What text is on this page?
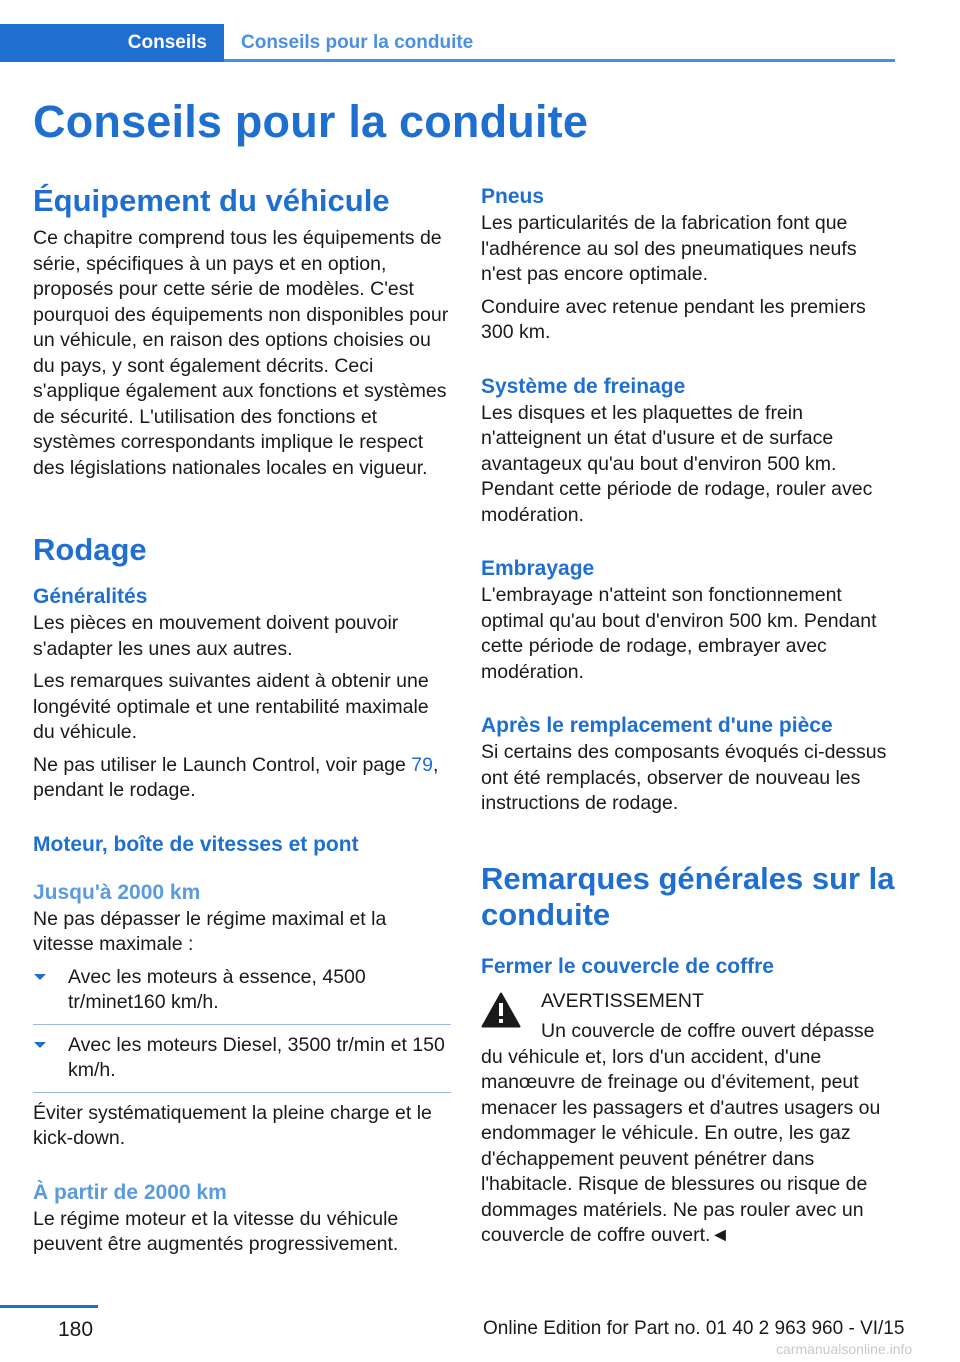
Conseils Conseils pour la conduite
Conseils pour la conduite
Équipement du véhicule

Ce chapitre comprend tous les équipements de série, spécifiques à un pays et en option, proposés pour cette série de modèles. C'est pourquoi des équipements non disponibles pour un véhicule, en raison des options choisies ou du pays, y sont également décrits. Ceci s'applique également aux fonctions et systèmes de sécurité. L'utilisation des fonctions et systèmes correspondants implique le respect des législations nationales locales en vigueur.

Rodage
Généralités

Les pièces en mouvement doivent pouvoir s'adapter les unes aux autres.

Les remarques suivantes aident à obtenir une longévité optimale et une rentabilité maximale du véhicule.

Ne pas utiliser le Launch Control, voir page 79, pendant le rodage.

Moteur, boîte de vitesses et pont
Jusqu'à 2000 km

Ne pas dépasser le régime maximal et la vitesse maximale :

Avec les moteurs à essence, 4500 tr/minet160 km/h.
Avec les moteurs Diesel, 3500 tr/min et 150 km/h.

Éviter systématiquement la pleine charge et le kick-down.

À partir de 2000 km

Le régime moteur et la vitesse du véhicule peuvent être augmentés progressivement.

Pneus

Les particularités de la fabrication font que l'adhérence au sol des pneumatiques neufs n'est pas encore optimale.

Conduire avec retenue pendant les premiers 300 km.

Système de freinage

Les disques et les plaquettes de frein n'atteignent un état d'usure et de surface avantageux qu'au bout d'environ 500 km. Pendant cette période de rodage, rouler avec modération.

Embrayage

L'embrayage n'atteint son fonctionnement optimal qu'au bout d'environ 500 km. Pendant cette période de rodage, embrayer avec modération.

Après le remplacement d'une pièce

Si certains des composants évoqués ci-dessus ont été remplacés, observer de nouveau les instructions de rodage.

Remarques générales sur la conduite
Fermer le couvercle de coffre

AVERTISSEMENT

Un couvercle de coffre ouvert dépasse

du véhicule et, lors d'un accident, d'une manœuvre de freinage ou d'évitement, peut menacer les passagers et d'autres usagers ou endommager le véhicule. En outre, les gaz d'échappement peuvent pénétrer dans l'habitacle. Risque de blessures ou risque de dommages matériels. Ne pas rouler avec un couvercle de coffre ouvert.◄

180	Online Edition for Part no. 01 40 2 963 960 - VI/15
carmanualsonline.info
